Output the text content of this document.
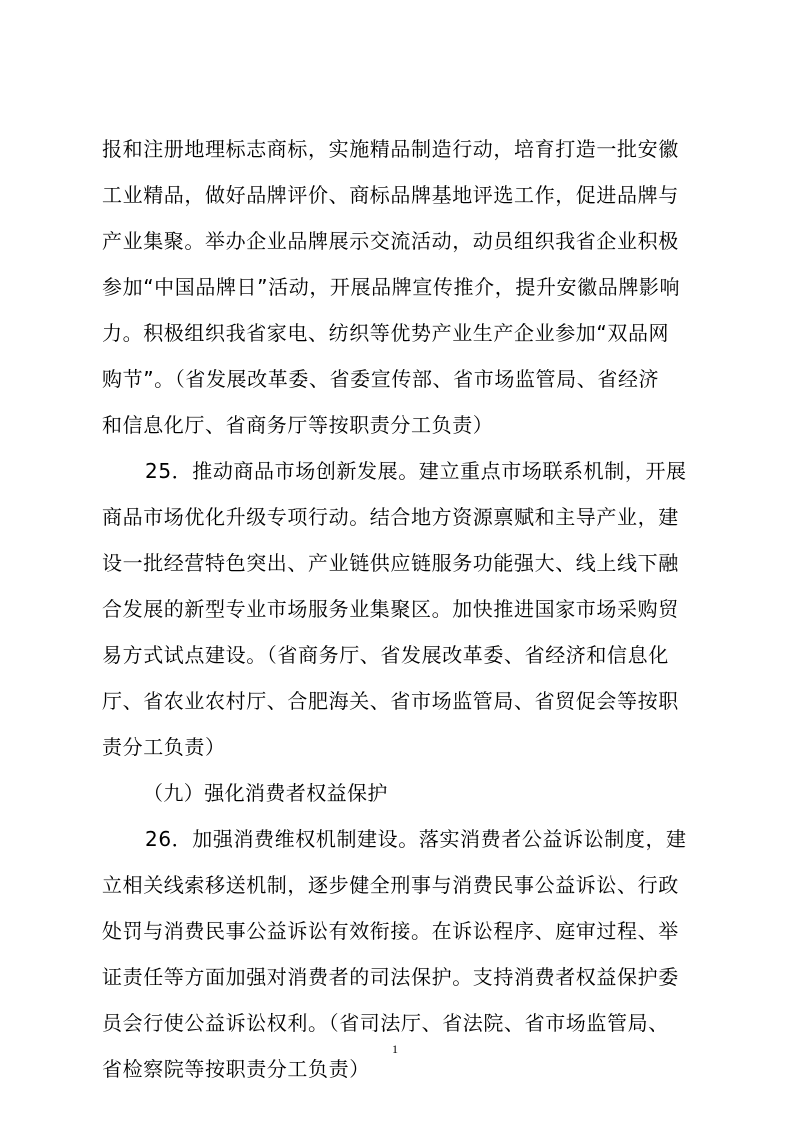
报和注册地理标志商标，实施精品制造行动，培育打造一批安徽
工业精品，做好品牌评价、商标品牌基地评选工作，促进品牌与
产业集聚。举办企业品牌展示交流活动，动员组织我省企业积极
参加“中国品牌日”活动，开展品牌宣传推介，提升安徽品牌影响
力。积极组织我省家电、纺织等优势产业生产企业参加“双品网
购节”。（省发展改革委、省委宣传部、省市场监管局、省经济
和信息化厅、省商务厅等按职责分工负责）
25．推动商品市场创新发展。建立重点市场联系机制，开展
商品市场优化升级专项行动。结合地方资源禀赋和主导产业，建
设一批经营特色突出、产业链供应链服务功能强大、线上线下融
合发展的新型专业市场服务业集聚区。加快推进国家市场采购贸
易方式试点建设。（省商务厅、省发展改革委、省经济和信息化
厅、省农业农村厅、合肥海关、省市场监管局、省贸促会等按职
责分工负责）
（九）强化消费者权益保护
26．加强消费维权机制建设。落实消费者公益诉讼制度，建
立相关线索移送机制，逐步健全刑事与消费民事公益诉讼、行政
处罚与消费民事公益诉讼有效衔接。在诉讼程序、庭审过程、举
证责任等方面加强对消费者的司法保护。支持消费者权益保护委
员会行使公益诉讼权利。（省司法厅、省法院、省市场监管局、
省检察院等按职责分工负责）
1
